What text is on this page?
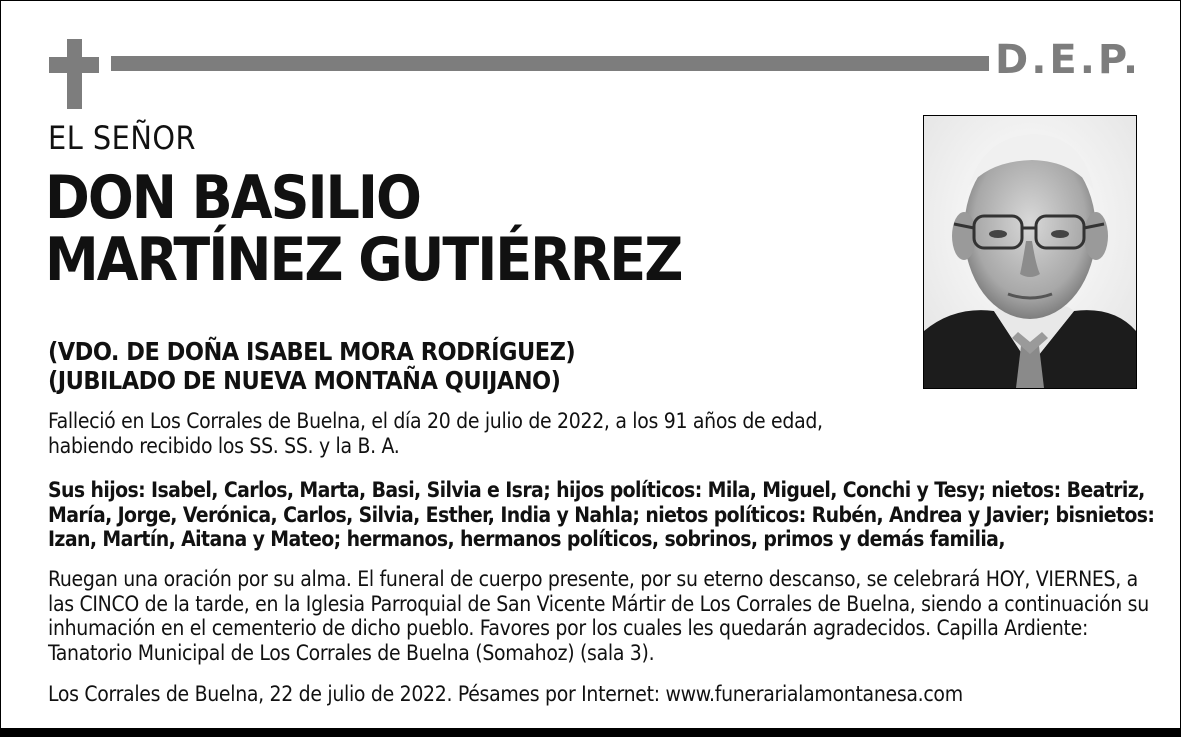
D.E.P.
EL SEÑOR
DON BASILIO
MARTÍNEZ GUTIÉRREZ
(VDO. DE DOÑA ISABEL MORA RODRÍGUEZ)
(JUBILADO DE NUEVA MONTAÑA QUIJANO)
Falleció en Los Corrales de Buelna, el día 20 de julio de 2022, a los 91 años de edad, habiendo recibido los SS. SS. y la B. A.
Sus hijos: Isabel, Carlos, Marta, Basi, Silvia e Isra; hijos políticos: Mila, Miguel, Conchi y Tesy; nietos: Beatriz, María, Jorge, Verónica, Carlos, Silvia, Esther, India y Nahla; nietos políticos: Rubén, Andrea y Javier; bisnietos: Izan, Martín, Aitana y Mateo; hermanos, hermanos políticos, sobrinos, primos y demás familia,
Ruegan una oración por su alma. El funeral de cuerpo presente, por su eterno descanso, se celebrará HOY, VIERNES, a las CINCO de la tarde, en la Iglesia Parroquial de San Vicente Mártir de Los Corrales de Buelna, siendo a continuación su inhumación en el cementerio de dicho pueblo. Favores por los cuales les quedarán agradecidos. Capilla Ardiente: Tanatorio Municipal de Los Corrales de Buelna (Somahoz) (sala 3).
Los Corrales de Buelna, 22 de julio de 2022. Pésames por Internet: www.funerarialamontanesa.com
